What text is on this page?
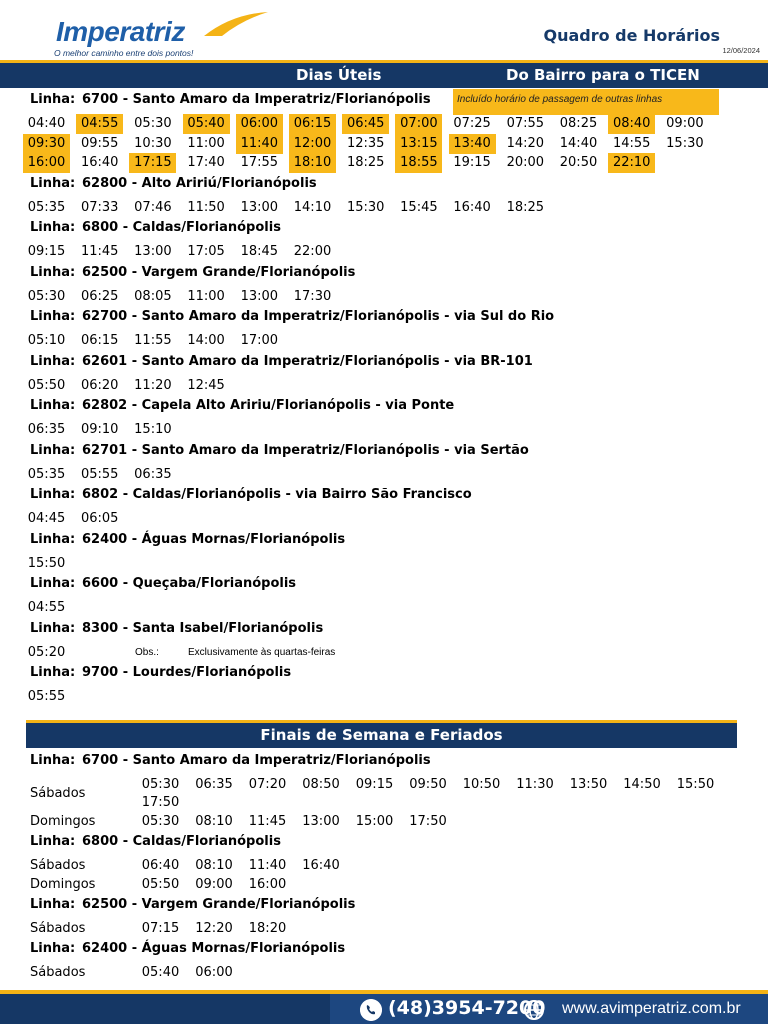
Imperatriz
O melhor caminho entre dois pontos!
Quadro de Horários
12/06/2024
Dias Úteis	Do Bairro para o TICEN
Incluído horário de passagem de outras linhas
Linha: 6700 - Santo Amaro da Imperatriz/Florianópolis
04:40	04:55	05:30	05:40	06:00	06:15	06:45	07:00	07:25	07:55	08:25	08:40	09:00
09:30	09:55	10:30	11:00	11:40	12:00	12:35	13:15	13:40	14:20	14:40	14:55	15:30
16:00	16:40	17:15	17:40	17:55	18:10	18:25	18:55	19:15	20:00	20:50	22:10
Linha: 62800 - Alto Aririú/Florianópolis
05:35	07:33	07:46	11:50	13:00	14:10	15:30	15:45	16:40	18:25
Linha: 6800 - Caldas/Florianópolis
09:15	11:45	13:00	17:05	18:45	22:00
Linha: 62500 - Vargem Grande/Florianópolis
05:30	06:25	08:05	11:00	13:00	17:30
Linha: 62700 - Santo Amaro da Imperatriz/Florianópolis - via Sul do Rio
05:10	06:15	11:55	14:00	17:00
Linha: 62601 - Santo Amaro da Imperatriz/Florianópolis - via BR-101
05:50	06:20	11:20	12:45
Linha: 62802 - Capela Alto Aririu/Florianópolis - via Ponte
06:35	09:10	15:10
Linha: 62701 - Santo Amaro da Imperatriz/Florianópolis - via Sertão
05:35	05:55	06:35
Linha: 6802 - Caldas/Florianópolis - via Bairro São Francisco
04:45	06:05
Linha: 62400 - Águas Mornas/Florianópolis
15:50
Linha: 6600 - Queçaba/Florianópolis
04:55
Linha: 8300 - Santa Isabel/Florianópolis
05:20	Obs.:	Exclusivamente às quartas-feiras
Linha: 9700 - Lourdes/Florianópolis
05:55
Finais de Semana e Feriados
Linha: 6700 - Santo Amaro da Imperatriz/Florianópolis
Sábados
05:30	06:35	07:20	08:50	09:15	09:50	10:50	11:30	13:50	14:50	15:50
17:50
Domingos	05:30	08:10	11:45	13:00	15:00	17:50
Linha: 6800 - Caldas/Florianópolis
Sábados	06:40	08:10	11:40	16:40
Domingos	05:50	09:00	16:00
Linha: 62500 - Vargem Grande/Florianópolis
Sábados	07:15	12:20	18:20
Linha: 62400 - Águas Mornas/Florianópolis
Sábados	05:40	06:00
(48)3954-7200 www.avimperatriz.com.br
